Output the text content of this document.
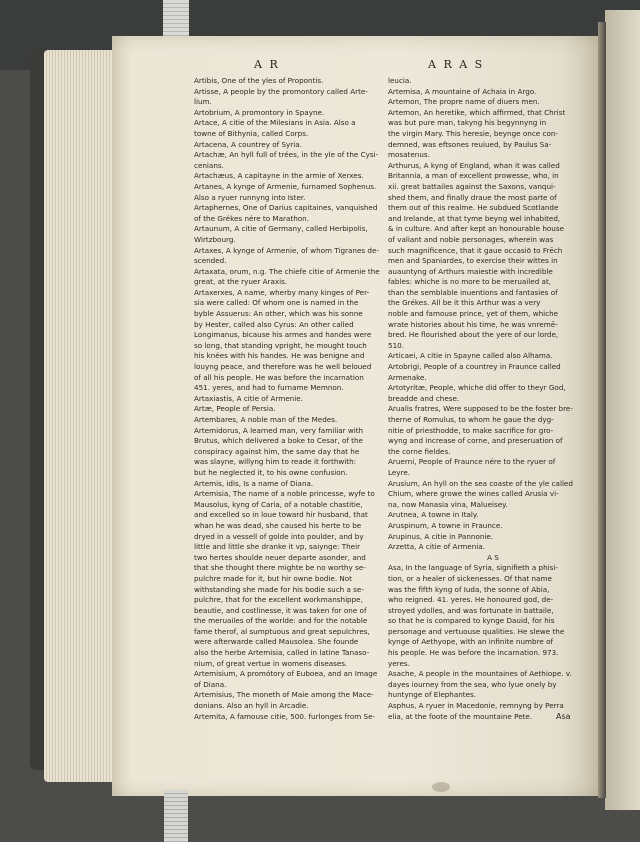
A R	A R A S
Artibis, One of the yles of Propontis.
Artisse, A people by the promontory called Arte-
lium.
Artobrium, A promontory in Spayne.
Artace, A citie of the Milesians in Asia. Also a
towne of Bithynia, called Corps.
Artacena, A countrey of Syria.
Artachæ, An hyll full of trées, in the yle of the Cysi-
cenians.
Artachæus, A capitayne in the armie of Xerxes.
Artanes, A kynge of Armenie, furnamed Sophenus.
Also a ryuer runnyng into Ister.
Artaphernes, One of Darius capitaines, vanquished
of the Grékes nére to Marathon.
Artaunum, A citie of Germany, called Herbipolis,
Wirtzbourg.
Artaxes, A kynge of Armenie, of whom Tigranes de-
scended.
Artaxata, orum, n.g. The chiefe citie of Armenie the
great, at the ryuer Araxis.
Artaxerxes, A name, wherby many kinges of Per-
sia were called: Of whom one is named in the
byble Assuerus: An other, which was his sonne
by Hester, called also Cyrus: An other called
Longimanus, bicause his armes and handes were
so long, that standing vpright, he mought touch
his knées with his handes. He was benigne and
louyng peace, and therefore was he well beloued
of all his people. He was before the incarnation
451. yeres, and had to furname Memnon.
Artaxiastis, A citie of Armenie.
Artæ, People of Persia.
Artembares, A noble man of the Medes.
Artemidorus, A learned man, very familiar with
Brutus, which delivered a boke to Cesar, of the
conspiracy against him, the same day that he
was slayne, willyng him to reade it forthwith:
but he neglected it, to his owne confusion.
Artemis, idis, Is a name of Diana.
Artemisia, The name of a noble princesse, wyfe to
Mausolus, kyng of Caria, of a notable chastitie,
and excelled so in loue toward hir husband, that
whan he was dead, she caused his herte to be
dryed in a vessell of golde into poulder, and by
little and little she dranke it vp, saiynge: Their
two hertes shoulde neuer departe asonder, and
that she thought there mighte be no worthy se-
pulchre made for it, but hir owne bodie. Not
withstanding she made for his bodie such a se-
pulchre, that for the excellent workmanshippe,
beautie, and costlinesse, it was taken for one of
the meruailes of the worlde: and for the notable
fame therof, al sumptuous and great sepulchres,
were afterwarde called Mausolea. She founde
also the herbe Artemisia, called in latine Tanaso-
nium, of great vertue in womens diseases.
Artemisium, A promótory of Euboea, and an Image
of Diana.
Artemisius, The moneth of Maie among the Mace-
donians. Also an hyll in Arcadie.
Artemita, A famouse citie, 500. furlonges from Se-
leucia.
Artemisa, A mountaine of Achaia in Argo.
Artemon, The propre name of diuers men.
Artemon, An heretike, which affirmed, that Christ
was but pure man, takyng his begynnyng in
the virgin Mary. This heresie, beynge once con-
demned, was eftsones reuiued, by Paulus Sa-
mosatenus.
Arthurus, A kyng of England, whan it was called
Britannia, a man of excellent prowesse, who, in
xii. great battailes against the Saxons, vanqui-
shed them, and finally draue the most parte of
them out of this realme. He subdued Scotlande
and Irelande, at that tyme beyng wel inhabited,
& in culture. And after kept an honourable house
of valiant and noble personages, wherein was
such magnificence, that it gaue occasiō to Frēch
men and Spaniardes, to exercise their wittes in
auauntyng of Arthurs maiestie with incredible
fables: whiche is no more to be meruailed at,
than the semblable inuentions and fantasies of
the Grékes. All be it this Arthur was a very
noble and famouse prince, yet of them, whiche
wrate histories about his time, he was vnremē-
bred. He flourished about the yere of our lorde,
510.
Articaei, A citie in Spayne called also Alhama.
Artobrigi, People of a countrey in Fraunce called
Armenake.
Artotyritæ, People, whiche did offer to theyr God,
breadde and chese.
Arualis fratres, Were supposed to be the foster bre-
therne of Romulus, to whom he gaue the dyg-
nitie of priesthodde, to make sacrifice for gro-
wyng and increase of corne, and preseruation of
the corne fieldes.
Aruerni, People of Fraunce nére to the ryuer of
Leyre.
Arusium, An hyll on the sea coaste of the yle called
Chium, where growe the wines called Arusia vi-
na, now Manasia vina, Malueisey.
Arutnea, A towne in Italy.
Aruspinum, A towne in Fraunce.
Arupinus, A citie in Pannonie.
Arzetta, A citie of Armenia.
A S
Asa, In the language of Syria, signifieth a phisi-
tion, or a healer of sickenesses. Of that name
was the fifth kyng of Iuda, the sonne of Abia,
who reigned. 41. yeres. He honoured god, de-
stroyed ydolles, and was fortunate in battaile,
so that he is compared to kynge Dauid, for his
personage and vertuouse qualities. He slewe the
kynge of Aethyope, with an infinite numbre of
his people. He was before the incarnation. 973.
yeres.
Asache, A people in the mountaines of Aethiope. v.
dayes iourney from the sea, who lyue onely by
huntynge of Elephantes.
Asphus, A ryuer in Macedonie, remnyng by Perra
elia, at the foote of the mountaine Pete.	Asa
